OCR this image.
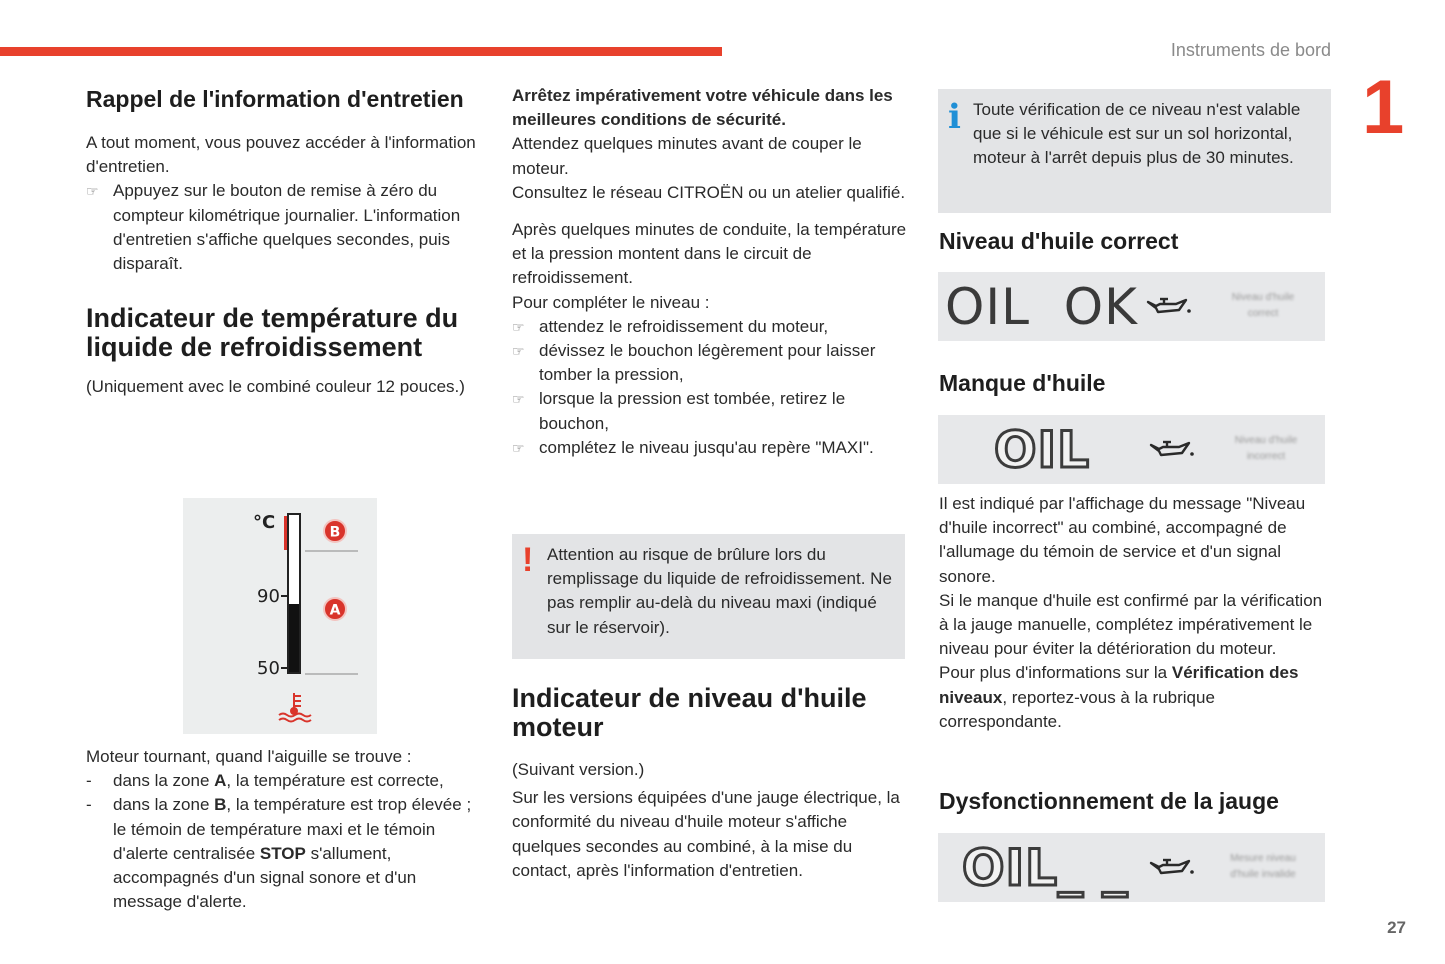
Instruments de bord
1
27
Rappel de l'information d'entretien

A tout moment, vous pouvez accéder à l'information d'entretien.

☞ Appuyez sur le bouton de remise à zéro du compteur kilométrique journalier. L'information d'entretien s'affiche quelques secondes, puis disparaît.
Indicateur de température du liquide de refroidissement

(Uniquement avec le combiné couleur 12 pouces.)

°C
90
50
B
A

Moteur tournant, quand l'aiguille se trouve :

-	dans la zone A, la température est correcte,
-	dans la zone B, la température est trop élevée ; le témoin de température maxi et le témoin d'alerte centralisée STOP s'allument, accompagnés d'un signal sonore et d'un message d'alerte.

Arrêtez impérativement votre véhicule dans les meilleures conditions de sécurité.

Attendez quelques minutes avant de couper le moteur.

Consultez le réseau CITROËN ou un atelier qualifié.

Après quelques minutes de conduite, la température et la pression montent dans le circuit de refroidissement.

Pour compléter le niveau :

☞ attendez le refroidissement du moteur,
☞ dévissez le bouchon légèrement pour laisser tomber la pression,
☞ lorsque la pression est tombée, retirez le bouchon,
☞ complétez le niveau jusqu'au repère "MAXI".
! Attention au risque de brûlure lors du remplissage du liquide de refroidissement. Ne pas remplir au-delà du niveau maxi (indiqué sur le réservoir).

Indicateur de niveau d'huile moteur

(Suivant version.)

Sur les versions équipées d'une jauge électrique, la conformité du niveau d'huile moteur s'affiche quelques secondes au combiné, à la mise du contact, après l'information d'entretien.

i Toute vérification de ce niveau n'est valable que si le véhicule est sur un sol horizontal, moteur à l'arrêt depuis plus de 30 minutes.

Niveau d'huile correct
OIL  OK	Niveau d'huile correct
Manque d'huile
OIL	Niveau d'huile incorrect

Il est indiqué par l'affichage du message "Niveau d'huile incorrect" au combiné, accompagné de l'allumage du témoin de service et d'un signal sonore.

Si le manque d'huile est confirmé par la vérification à la jauge manuelle, complétez impérativement le niveau pour éviter la détérioration du moteur.

Pour plus d'informations sur la Vérification des niveaux, reportez-vous à la rubrique correspondante.

Dysfonctionnement de la jauge
OIL_ _	Mesure niveau d'huile invalide
